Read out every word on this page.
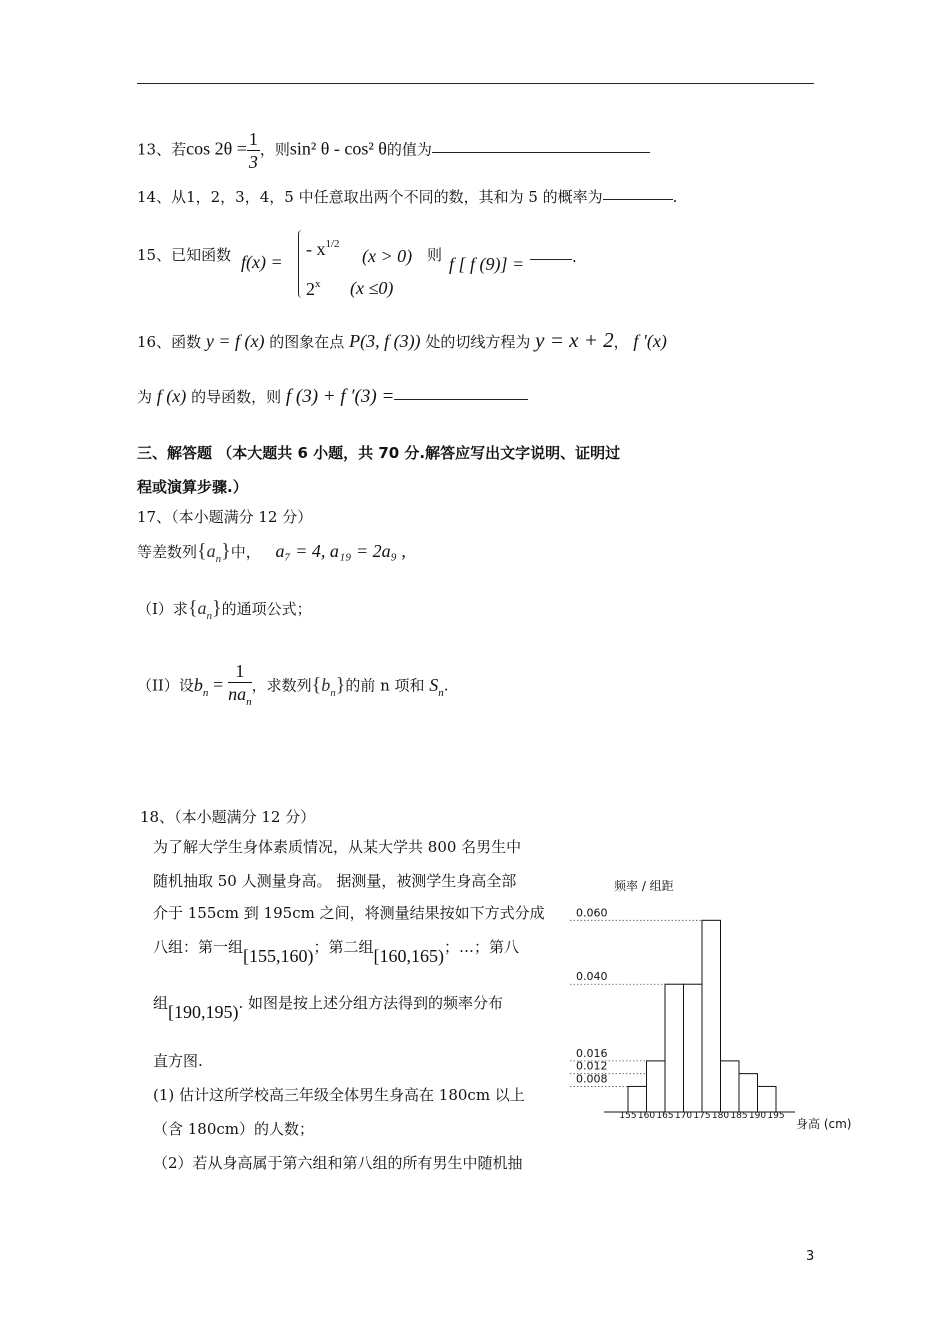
13、若$\cos 2\theta = \frac{1}{3}$ ，则sin² θ - cos² θ的值为
14、从1，2，3，4，5 中任意取出两个不同的数，其和为 5 的概率为	.
15、已知函数 f(x) =
- $x^{1/2}$
(x > 0)
2$^x$ (x ≤0)
则 f [ f (9)] =	.
16、函数 y = f (x) 的图象在点 P(3, f (3)) 处的切线方程为 y = x + 2， f ′(x)
为 f (x) 的导函数，则 f (3) + f ′(3) =
三、解答题 （本大题共 6 小题，共 70 分.解答应写出文字说明、证明过
程或演算步骤.）
17、（本小题满分 12 分）
等差数列$\{a_n\}$中， a₇ = 4, a₁₉ = 2a₉ ,
（I）求$\{a_n\}$的通项公式；
（II）设$b_n = \frac{1}{na_n}$ ，求数列$\{b_n\}$的前 n 项和 $S_n$.
18、（本小题满分 12 分）
为了解大学生身体素质情况，从某大学共 800 名男生中
随机抽取 50 人测量身高。 据测量，被测学生身高全部
介于 155cm 到 195cm 之间，将测量结果按如下方式分成
八组：第一组[155,160)；第二组[160,165)；…；第八
组[190,195). 如图是按上述分组方法得到的频率分布
直方图.
(1) 估计这所学校高三年级全体男生身高在 180cm 以上
（含 180cm）的人数；
（2）若从身高属于第六组和第八组的所有男生中随机抽
0.060
0.040
0.016
0.012
0.008
155 160 165 170 175 180 185 190 195
频率 / 组距
身高 (cm)
3
